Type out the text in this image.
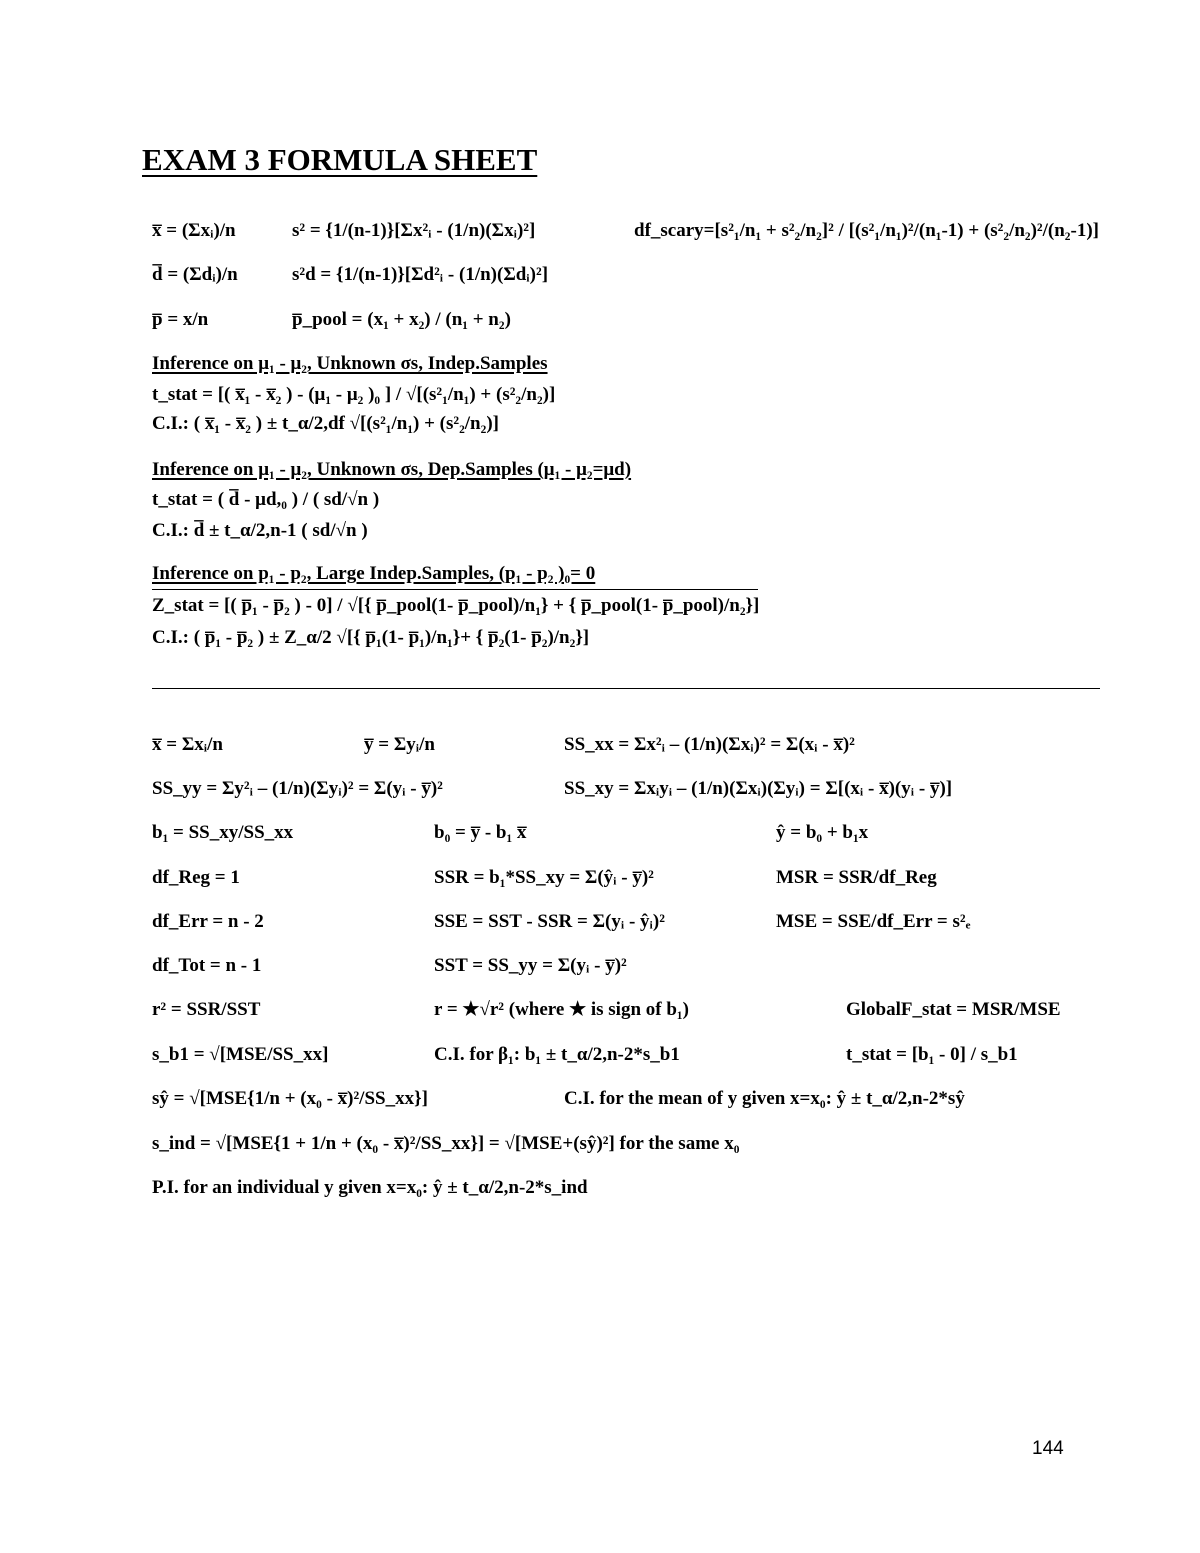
EXAM 3 FORMULA SHEET
x̅ = (Σxᵢ)/n	s² = {1/(n-1)}[Σx²ᵢ - (1/n)(Σxᵢ)²]	df_scary=[s²₁/n₁ + s²₂/n₂]² / [(s²₁/n₁)²/(n₁-1) + (s²₂/n₂)²/(n₂-1)]
d̅ = (Σdᵢ)/n	s²d = {1/(n-1)}[Σd²ᵢ - (1/n)(Σdᵢ)²]
p̅ = x/n	p̅_pool = (x₁ + x₂) / (n₁ + n₂)
Inference on μ₁ - μ₂, Unknown σs, Indep.Samples
t_stat = [( x̅₁ - x̅₂ ) - (μ₁ - μ₂ )₀ ] / √[(s²₁/n₁) + (s²₂/n₂)]
C.I.: ( x̅₁ - x̅₂ ) ± t_α/2,df √[(s²₁/n₁) + (s²₂/n₂)]
Inference on μ₁ - μ₂, Unknown σs, Dep.Samples (μ₁ - μ₂=μd)
t_stat = ( d̅ - μd,₀ ) / ( sd/√n )
C.I.: d̅ ± t_α/2,n-1 ( sd/√n )
Inference on p₁ - p₂, Large Indep.Samples, (p₁ - p₂ )₀= 0
Z_stat = [( p̅₁ - p̅₂ ) - 0] / √[{ p̅_pool(1- p̅_pool)/n₁} + { p̅_pool(1- p̅_pool)/n₂}]
C.I.: ( p̅₁ - p̅₂ ) ± Z_α/2 √[{ p̅₁(1- p̅₁)/n₁}+ { p̅₂(1- p̅₂)/n₂}]
x̅ = Σxᵢ/n	y̅ = Σyᵢ/n	SS_xx = Σx²ᵢ – (1/n)(Σxᵢ)² = Σ(xᵢ - x̅)²
SS_yy = Σy²ᵢ – (1/n)(Σyᵢ)² = Σ(yᵢ - y̅)²	SS_xy = Σxᵢyᵢ – (1/n)(Σxᵢ)(Σyᵢ) = Σ[(xᵢ - x̅)(yᵢ - y̅)]
b₁ = SS_xy/SS_xx	b₀ = y̅ - b₁ x̅	ŷ = b₀ + b₁x
df_Reg = 1	SSR = b₁*SS_xy = Σ(ŷᵢ - y̅)²	MSR = SSR/df_Reg
df_Err = n - 2	SSE = SST - SSR = Σ(yᵢ - ŷᵢ)²	MSE = SSE/df_Err = s²ₑ
df_Tot = n - 1	SST = SS_yy = Σ(yᵢ - y̅)²
r² = SSR/SST	r = ★√r² (where ★ is sign of b₁)	GlobalF_stat = MSR/MSE
s_b1 = √[MSE/SS_xx]	C.I. for β₁: b₁ ± t_α/2,n-2*s_b1	t_stat = [b₁ - 0] / s_b1
sŷ = √[MSE{1/n + (x₀ - x̅)²/SS_xx}]	C.I. for the mean of y given x=x₀: ŷ ± t_α/2,n-2*sŷ
s_ind = √[MSE{1 + 1/n + (x₀ - x̅)²/SS_xx}] = √[MSE+(sŷ)²] for the same x₀
P.I. for an individual y given x=x₀: ŷ ± t_α/2,n-2*s_ind
144
